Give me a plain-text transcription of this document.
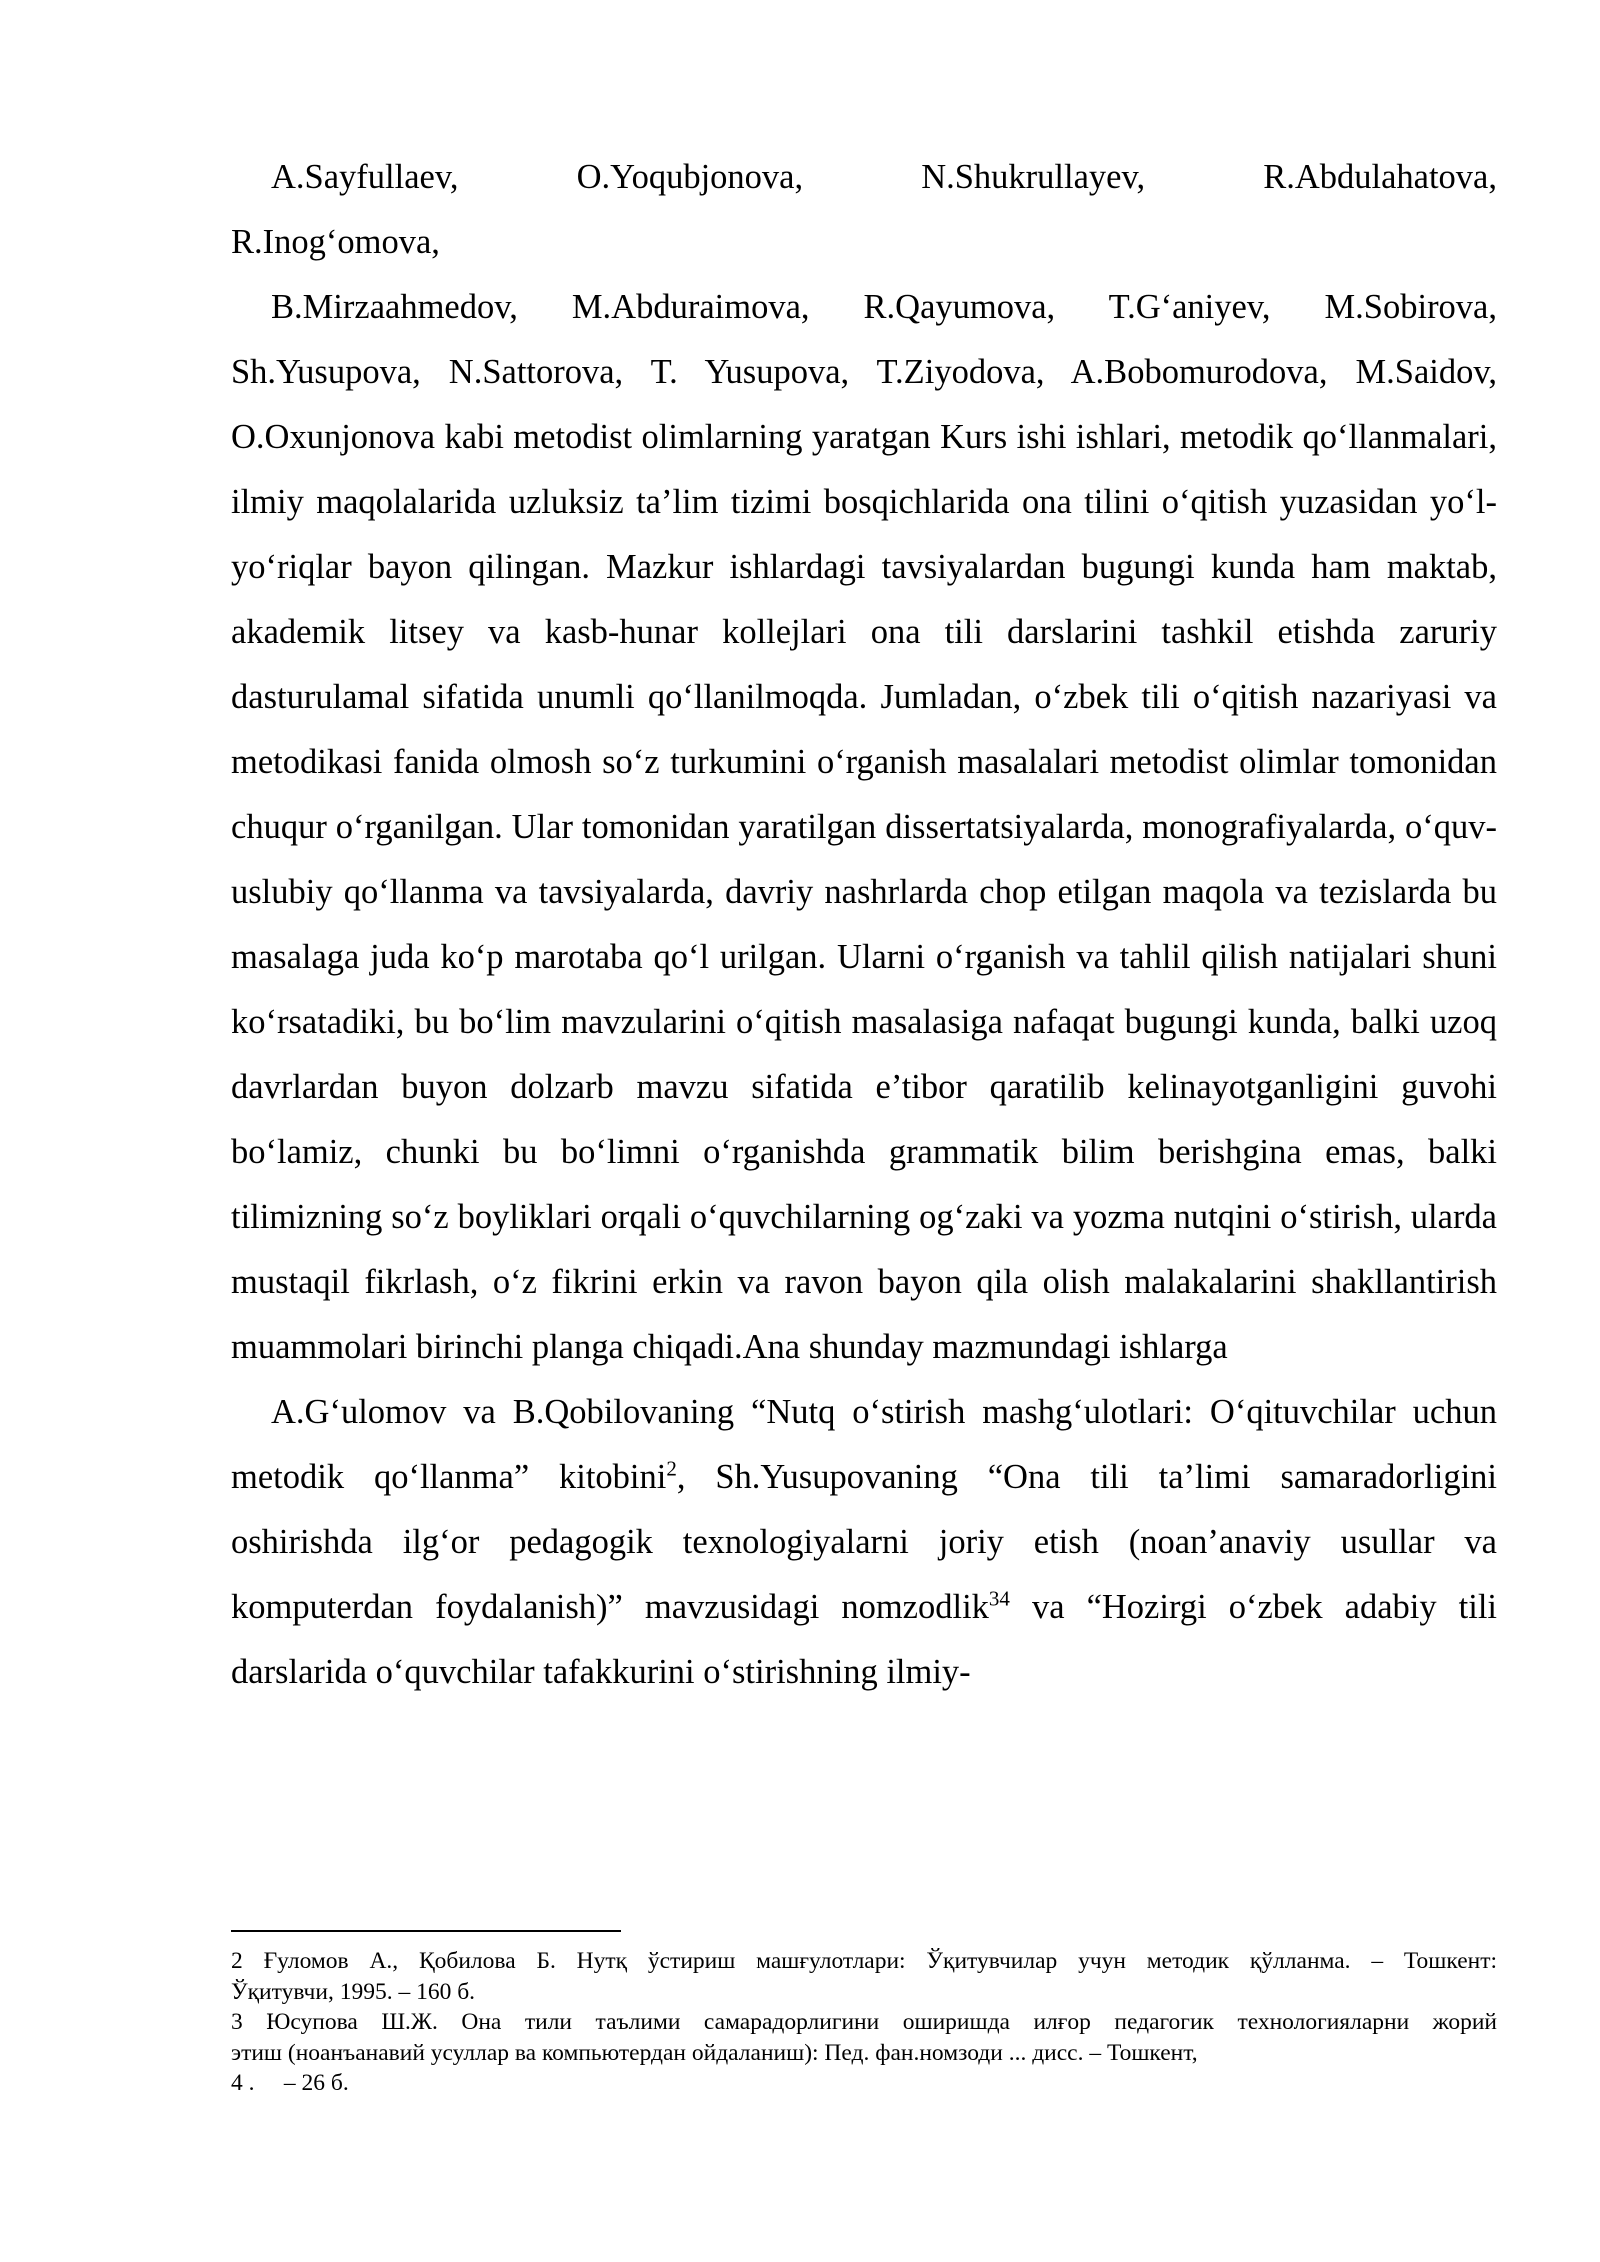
A.Sayfullaev, O.Yoqubjonova, N.Shukrullayev, R.Abdulahatova,

R.Inog‘omova,

B.Mirzaahmedov, M.Abduraimova, R.Qayumova, T.G‘aniyev, M.Sobirova, Sh.Yusupova, N.Sattorova, T. Yusupova, T.Ziyodova, A.Bobomurodova, M.Saidov, O.Oxunjonova kabi metodist olimlarning yaratgan Kurs ishi ishlari, metodik qo‘llanmalari, ilmiy maqolalarida uzluksiz ta’lim tizimi bosqichlarida ona tilini o‘qitish yuzasidan yo‘l-yo‘riqlar bayon qilingan. Mazkur ishlardagi tavsiyalardan bugungi kunda ham maktab, akademik litsey va kasb-hunar kollejlari ona tili darslarini tashkil etishda zaruriy dasturulamal sifatida unumli qo‘llanilmoqda. Jumladan, o‘zbek tili o‘qitish nazariyasi va metodikasi fanida olmosh so‘z turkumini o‘rganish masalalari metodist olimlar tomonidan chuqur o‘rganilgan. Ular tomonidan yaratilgan dissertatsiyalarda, monografiyalarda, o‘quv-uslubiy qo‘llanma va tavsiyalarda, davriy nashrlarda chop etilgan maqola va tezislarda bu masalaga juda ko‘p marotaba qo‘l urilgan. Ularni o‘rganish va tahlil qilish natijalari shuni ko‘rsatadiki, bu bo‘lim mavzularini o‘qitish masalasiga nafaqat bugungi kunda, balki uzoq davrlardan buyon dolzarb mavzu sifatida e’tibor qaratilib kelinayotganligini guvohi bo‘lamiz, chunki bu bo‘limni o‘rganishda grammatik bilim berishgina emas, balki tilimizning so‘z boyliklari orqali o‘quvchilarning og‘zaki va yozma nutqini o‘stirish, ularda mustaqil fikrlash, o‘z fikrini erkin va ravon bayon qila olish malakalarini shakllantirish muammolari birinchi planga chiqadi.Ana shunday mazmundagi ishlarga

A.G‘ulomov va B.Qobilovaning “Nutq o‘stirish mashg‘ulotlari: O‘qituvchilar uchun metodik qo‘llanma” kitobini$^2$, Sh.Yusupovaning “Ona tili ta’limi samaradorligini oshirishda ilg‘or pedagogik texnologiyalarni joriy etish (noan’anaviy usullar va komputerdan foydalanish)” mavzusidagi nomzodlik$^{34}$ va “Hozirgi o‘zbek adabiy tili darslarida o‘quvchilar tafakkurini o‘stirishning ilmiy-

2 Ғуломов А., Қобилова Б. Нутқ ўстириш машғулотлари: Ўқитувчилар учун методик қўлланма. – Тошкент:
Ўқитувчи, 1995. – 160 б.

3 Юсупова Ш.Ж. Она тили таълими самарадорлигини оширишда илғор педагогик технологияларни жорий
этиш (ноанъанавий усуллар ва компьютердан ойдаланиш): Пед. фан.номзоди ... дисс. – Тошкент,
4 .     – 26 б.
